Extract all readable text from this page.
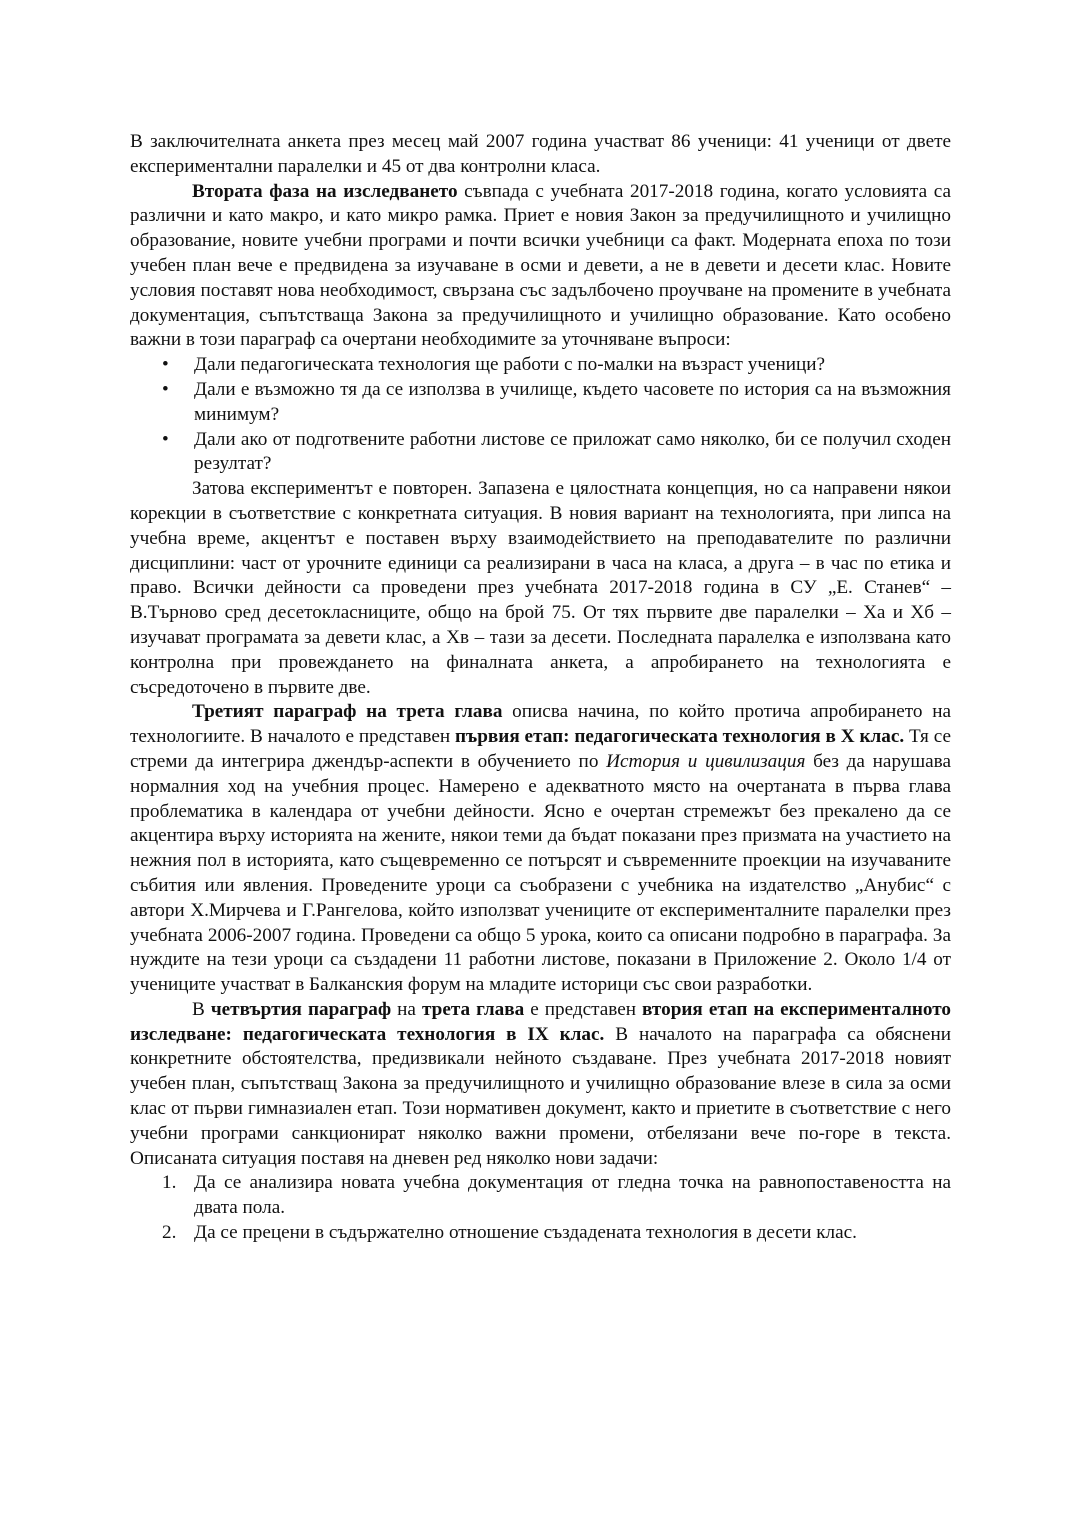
В заключителната анкета през месец май 2007 година участват 86 ученици: 41 ученици от двете експериментални паралелки и 45 от два контролни класа.

Втората фаза на изследването съвпада с учебната 2017-2018 година, когато условията са различни и като макро, и като микро рамка. Приет е новия Закон за предучилищното и училищно образование, новите учебни програми и почти всички учебници са факт. Модерната епоха по този учебен план вече е предвидена за изучаване в осми и девети, а не в девети и десети клас. Новите условия поставят нова необходимост, свързана със задълбочено проучване на промените в учебната документация, съпътстваща Закона за предучилищното и училищно образование. Като особено важни в този параграф са очертани необходимите за уточняване въпроси:

•	Дали педагогическата технология ще работи с по-малки на възраст ученици?
•	Дали е възможно тя да се използва в училище, където часовете по история са на възможния минимум?
•	Дали ако от подготвените работни листове се приложат само няколко, би се получил сходен резултат?

Затова експериментът е повторен. Запазена е цялостната концепция, но са направени някои корекции в съответствие с конкретната ситуация. В новия вариант на технологията, при липса на учебна време, акцентът е поставен върху взаимодействието на преподавателите по различни дисциплини: част от урочните единици са реализирани в часа на класа, а друга – в час по етика и право. Всички дейности са проведени през учебната 2017-2018 година в СУ „Е. Станев“ – В.Търново сред десетокласниците, общо на брой 75. От тях първите две паралелки – Ха и Хб – изучават програмата за девети клас, а Хв – тази за десети. Последната паралелка е използвана като контролна при провеждането на финалната анкета, а апробирането на технологията е съсредоточено в първите две.

Третият параграф на трета глава описва начина, по който протича апробирането на технологиите. В началото е представен първия етап: педагогическата технология в Х клас. Тя се стреми да интегрира джендър-аспекти в обучението по История и цивилизация без да нарушава нормалния ход на учебния процес. Намерено е адекватното място на очертаната в първа глава проблематика в календара от учебни дейности. Ясно е очертан стремежът без прекалено да се акцентира върху историята на жените, някои теми да бъдат показани през призмата на участието на нежния пол в историята, като същевременно се потърсят и съвременните проекции на изучаваните събития или явления. Проведените уроци са съобразени с учебника на издателство „Анубис“ с автори Х.Мирчева и Г.Рангелова, който използват учениците от експерименталните паралелки през учебната 2006-2007 година. Проведени са общо 5 урока, които са описани подробно в параграфа. За нуждите на тези уроци са създадени 11 работни листове, показани в Приложение 2. Около 1/4 от учениците участват в Балканския форум на младите историци със свои разработки.

В четвъртия параграф на трета глава е представен втория етап на експерименталното изследване: педагогическата технология в IX клас. В началото на параграфа са обяснени конкретните обстоятелства, предизвикали нейното създаване. През учебната 2017-2018 новият учебен план, съпътстващ Закона за предучилищното и училищно образование влезе в сила за осми клас от първи гимназиален етап. Този нормативен документ, както и приетите в съответствие с него учебни програми санкционират няколко важни промени, отбелязани вече по-горе в текста. Описаната ситуация поставя на дневен ред няколко нови задачи:

1. Да се анализира новата учебна документация от гледна точка на равнопоставеността на двата пола.
2. Да се прецени в съдържателно отношение създадената технология в десети клас.
